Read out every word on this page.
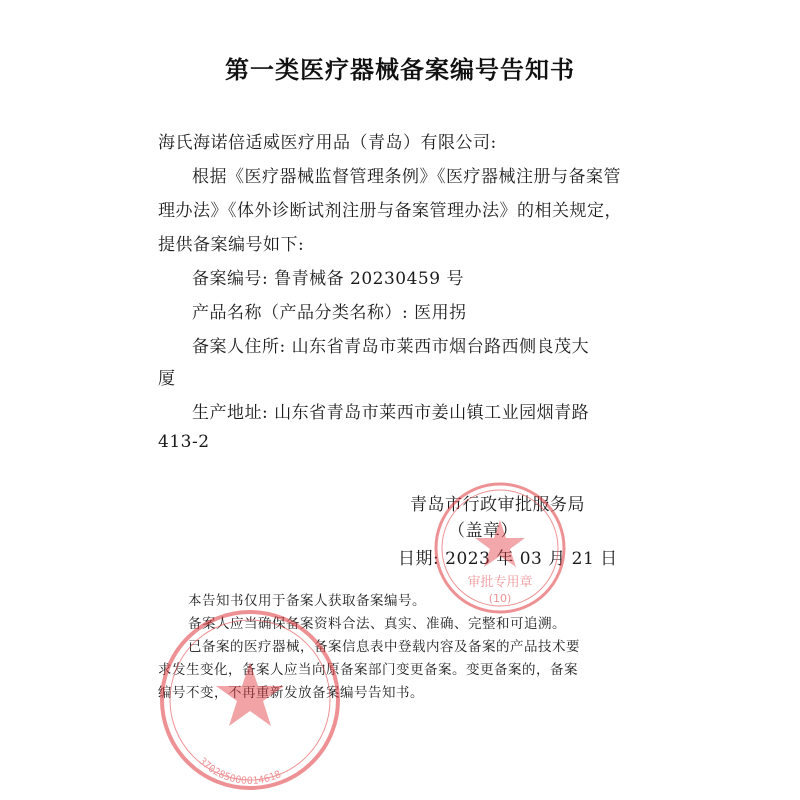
第一类医疗器械备案编号告知书
海氏海诺倍适威医疗用品（青岛）有限公司:
根据《医疗器械监督管理条例》《医疗器械注册与备案管
理办法》《体外诊断试剂注册与备案管理办法》的相关规定，
提供备案编号如下:
备案编号: 鲁青械备 20230459 号
产品名称（产品分类名称）: 医用拐
备案人住所: 山东省青岛市莱西市烟台路西侧良茂大
厦
生产地址: 山东省青岛市莱西市姜山镇工业园烟青路
413-2
青岛市行政审批服务局
（盖章）
日期: 2023 年 03 月 21 日
本告知书仅用于备案人获取备案编号。
备案人应当确保备案资料合法、真实、准确、完整和可追溯。
已备案的医疗器械，备案信息表中登载内容及备案的产品技术要
求发生变化，备案人应当向原备案部门变更备案。变更备案的，备案
编号不变，不再重新发放备案编号告知书。
审批专用章
(10)
370285000014618
